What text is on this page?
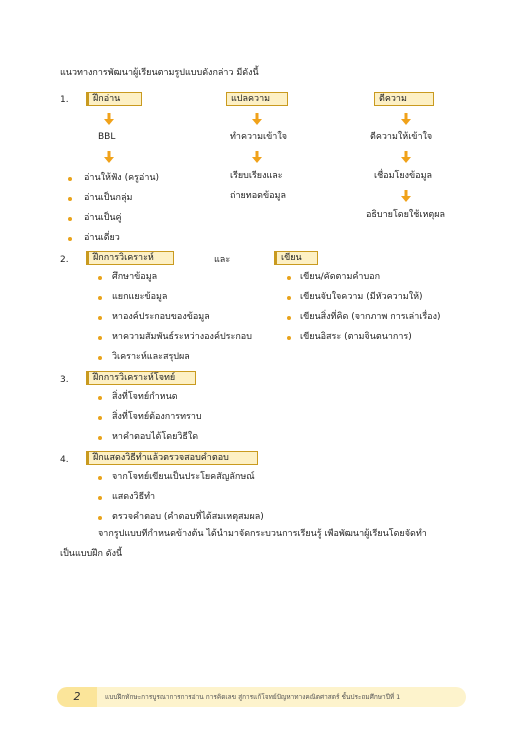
แนวทางการพัฒนาผู้เรียนตามรูปแบบดังกล่าว มีดังนี้
1.	ฝึกอ่าน
BBL
อ่านให้ฟัง (ครูอ่าน)
อ่านเป็นกลุ่ม
อ่านเป็นคู่
อ่านเดี่ยว
แปลความ
ทำความเข้าใจ
เรียบเรียงและ
ถ่ายทอดข้อมูล
ตีความ
ตีความให้เข้าใจ
เชื่อมโยงข้อมูล
อธิบายโดยใช้เหตุผล
2.	ฝึกการวิเคราะห์	และ	เขียน
ศึกษาข้อมูล
แยกแยะข้อมูล
หาองค์ประกอบของข้อมูล
หาความสัมพันธ์ระหว่างองค์ประกอบ
วิเคราะห์และสรุปผล
เขียน/คัดตามคำบอก
เขียนจับใจความ (มีหัวความให้)
เขียนสิ่งที่คิด (จากภาพ การเล่าเรื่อง)
เขียนอิสระ (ตามจินตนาการ)
3.	ฝึกการวิเคราะห์โจทย์
สิ่งที่โจทย์กำหนด
สิ่งที่โจทย์ต้องการทราบ
หาคำตอบได้โดยวิธีใด
4.	ฝึกแสดงวิธีทำแล้วตรวจสอบคำตอบ
จากโจทย์เขียนเป็นประโยคสัญลักษณ์
แสดงวิธีทำ
ตรวจคำตอบ (คำตอบที่ได้สมเหตุสมผล)
จากรูปแบบที่กำหนดข้างต้น ได้นำมาจัดกระบวนการเรียนรู้ เพื่อพัฒนาผู้เรียนโดยจัดทำ
เป็นแบบฝึก ดังนี้
2	แบบฝึกทักษะการบูรณาการการอ่าน การคิดเลข สู่การแก้โจทย์ปัญหาทางคณิตศาสตร์ ชั้นประถมศึกษาปีที่ 1
